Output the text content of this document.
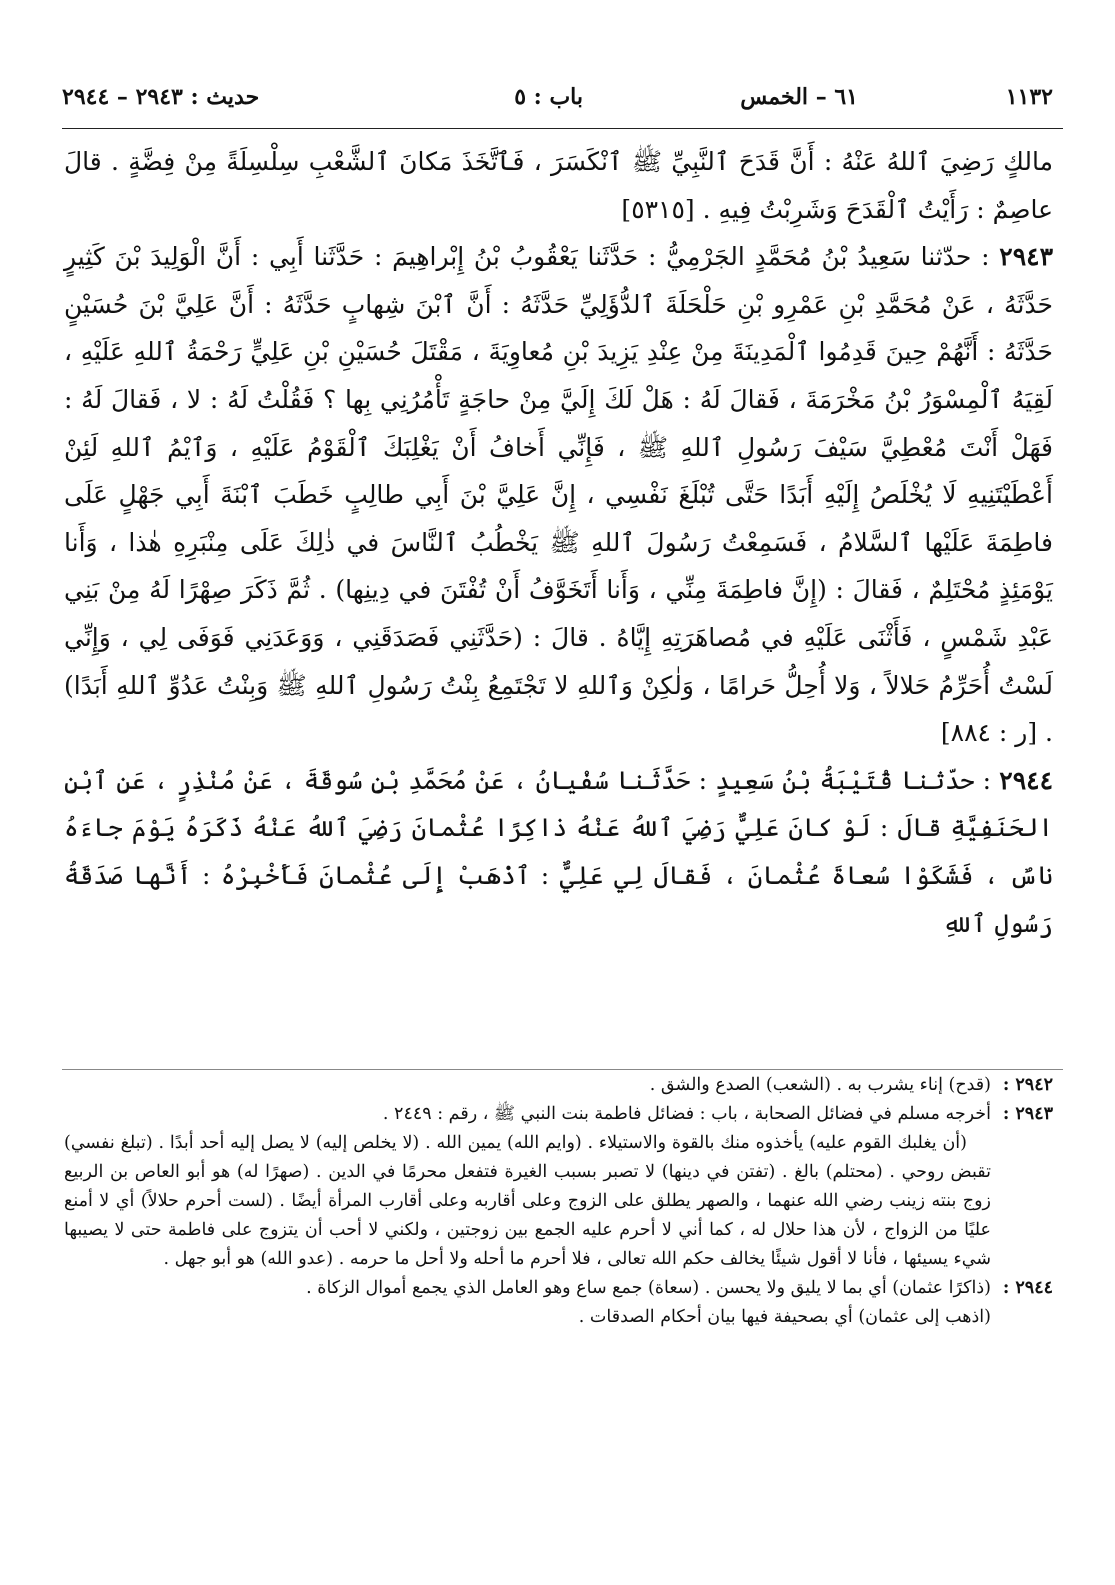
١١٣٢
٦١ – الخمس
باب : ٥
حديث : ٢٩٤٣ – ٢٩٤٤

مالكٍ رَضِيَ ٱللهُ عَنْهُ : أَنَّ قَدَحَ ٱلنَّبِيِّ ﷺ ٱنْكَسَرَ ، فَٱتَّخَذَ مَكانَ ٱلشَّعْبِ سِلْسِلَةً مِنْ فِضَّةٍ . قالَ عاصِمٌ : رَأَيْتُ ٱلْقَدَحَ وَشَرِبْتُ فِيهِ . [٥٣١٥]

٢٩٤٣ : حدّثنا سَعِيدُ بْنُ مُحَمَّدٍ الجَرْمِيُّ : حَدَّثَنا يَعْقُوبُ بْنُ إِبْراهِيمَ : حَدَّثَنا أَبِي : أَنَّ الْوَلِيدَ بْنَ كَثِيرٍ حَدَّثَهُ ، عَنْ مُحَمَّدِ بْنِ عَمْرِو بْنِ حَلْحَلَةَ ٱلدُّؤَلِيِّ حَدَّثَهُ : أَنَّ ٱبْنَ شِهابٍ حَدَّثَهُ : أَنَّ عَلِيَّ بْنَ حُسَيْنٍ حَدَّثَهُ : أَنَّهُمْ حِينَ قَدِمُوا ٱلْمَدِينَةَ مِنْ عِنْدِ يَزِيدَ بْنِ مُعاوِيَةَ ، مَقْتَلَ حُسَيْنِ بْنِ عَلِيٍّ رَحْمَةُ ٱللهِ عَلَيْهِ ، لَقِيَهُ ٱلْمِسْوَرُ بْنُ مَخْرَمَةَ ، فَقالَ لَهُ : هَلْ لَكَ إِلَيَّ مِنْ حاجَةٍ تَأْمُرُنِي بِها ؟ فَقُلْتُ لَهُ : لا ، فَقالَ لَهُ : فَهَلْ أَنْتَ مُعْطِيَّ سَيْفَ رَسُولِ ٱللهِ ﷺ ، فَإِنِّي أَخافُ أَنْ يَغْلِبَكَ ٱلْقَوْمُ عَلَيْهِ ، وَٱيْمُ ٱللهِ لَئِنْ أَعْطَيْتَنِيهِ لَا يُخْلَصُ إِلَيْهِ أَبَدًا حَتَّى تُبْلَغَ نَفْسِي ، إِنَّ عَلِيَّ بْنَ أَبِي طالِبٍ خَطَبَ ٱبْنَةَ أَبِي جَهْلٍ عَلَى فاطِمَةَ عَلَيْها ٱلسَّلامُ ، فَسَمِعْتُ رَسُولَ ٱللهِ ﷺ يَخْطُبُ ٱلنَّاسَ في ذٰلِكَ عَلَى مِنْبَرِهِ هٰذا ، وَأَنا يَوْمَئِذٍ مُحْتَلِمٌ ، فَقالَ : (إِنَّ فاطِمَةَ مِنِّي ، وَأَنا أَتَخَوَّفُ أَنْ تُفْتَنَ في دِينِها) . ثُمَّ ذَكَرَ صِهْرًا لَهُ مِنْ بَنِي عَبْدِ شَمْسٍ ، فَأَثْنَى عَلَيْهِ في مُصاهَرَتِهِ إِيَّاهُ . قالَ : (حَدَّثَنِي فَصَدَقَنِي ، وَوَعَدَنِي فَوَفَى لِي ، وَإِنِّي لَسْتُ أُحَرِّمُ حَلالاً ، وَلا أُحِلُّ حَرامًا ، وَلٰكِنْ وَٱللهِ لا تَجْتَمِعُ بِنْتُ رَسُولِ ٱللهِ ﷺ وَبِنْتُ عَدُوِّ ٱللهِ أَبَدًا) . [ر : ٨٨٤]

٢٩٤٤ : حدّثنا قُتَيْبَةُ بْنُ سَعِيدٍ : حَدَّثَنا سُفْيانُ ، عَنْ مُحَمَّدِ بْنِ سُوقَةَ ، عَنْ مُنْذِرٍ ، عَنِ ٱبْنِ الحَنَفِيَّةِ قالَ : لَوْ كانَ عَلِيٌّ رَضِيَ ٱللهُ عَنْهُ ذاكِرًا عُثْمانَ رَضِيَ ٱللهُ عَنْهُ ذَكَرَهُ يَوْمَ جاءَهُ ناسٌ ، فَشَكَوْا سُعاةَ عُثْمانَ ، فَقالَ لِي عَلِيٌّ : ٱذْهَبْ إِلَى عُثْمانَ فَأَخْبِرْهُ : أَنَّها صَدَقَةُ رَسُولِ ٱللهِ

٢٩٤٢ :
(قدح) إناء يشرب به . (الشعب) الصدع والشق .
٢٩٤٣ :
أخرجه مسلم في فضائل الصحابة ، باب : فضائل فاطمة بنت النبي ﷺ ، رقم : ٢٤٤٩ .
(أن يغلبك القوم عليه) يأخذوه منك بالقوة والاستيلاء . (وايم الله) يمين الله . (لا يخلص إليه) لا يصل إليه أحد أبدًا . (تبلغ نفسي) تقبض روحي . (محتلم) بالغ . (تفتن في دينها) لا تصبر بسبب الغيرة فتفعل محرمًا في الدين . (صهرًا له) هو أبو العاص بن الربيع زوج بنته زينب رضي الله عنهما ، والصهر يطلق على الزوج وعلى أقاربه وعلى أقارب المرأة أيضًا . (لست أحرم حلالاً) أي لا أمنع عليًا من الزواج ، لأن هذا حلال له ، كما أني لا أحرم عليه الجمع بين زوجتين ، ولكني لا أحب أن يتزوج على فاطمة حتى لا يصيبها شيء يسيئها ، فأنا لا أقول شيئًا يخالف حكم الله تعالى ، فلا أحرم ما أحله ولا أحل ما حرمه . (عدو الله) هو أبو جهل .
٢٩٤٤ :
(ذاكرًا عثمان) أي بما لا يليق ولا يحسن . (سعاة) جمع ساع وهو العامل الذي يجمع أموال الزكاة .
(اذهب إلى عثمان) أي بصحيفة فيها بيان أحكام الصدقات .
